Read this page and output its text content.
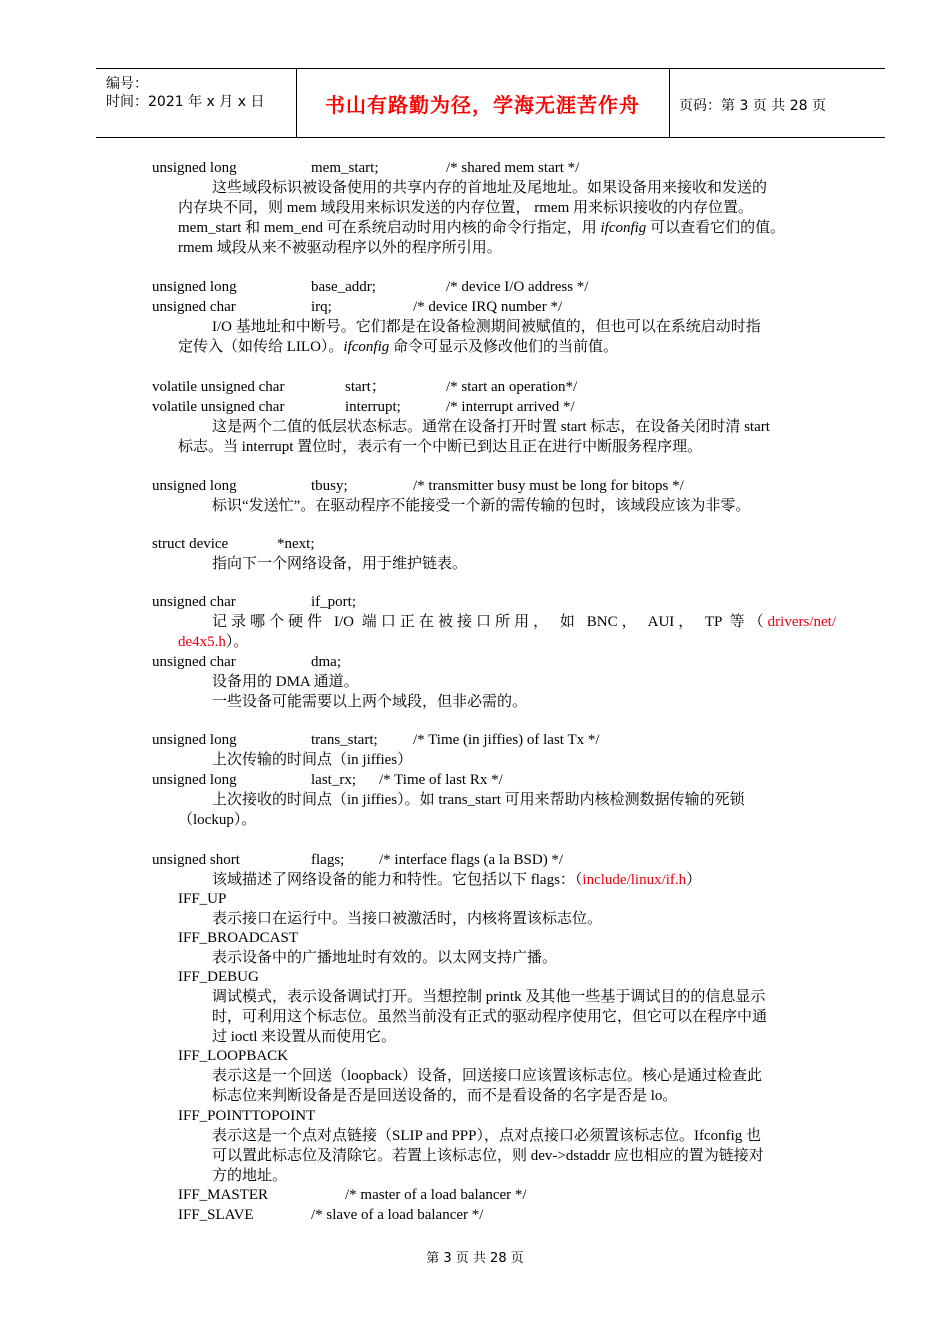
编号：
时间：2021 年 x 月 x 日	书山有路勤为径，学海无涯苦作舟	页码：第 3 页 共 28 页
unsigned long	mem_start;	/* shared mem start */
这些域段标识被设备使用的共享内存的首地址及尾地址。如果设备用来接收和发送的
内存块不同，则 mem 域段用来标识发送的内存位置， rmem 用来标识接收的内存位置。
mem_start 和 mem_end 可在系统启动时用内核的命令行指定，用 ifconfig 可以查看它们的值。
rmem 域段从来不被驱动程序以外的程序所引用。
unsigned long	base_addr;	/* device I/O address */
unsigned char	irq;	/* device IRQ number */
I/O 基地址和中断号。它们都是在设备检测期间被赋值的，但也可以在系统启动时指
定传入（如传给 LILO）。ifconfig 命令可显示及修改他们的当前值。
volatile unsigned char	start；	/* start an operation*/
volatile unsigned char	interrupt;	/* interrupt arrived */
这是两个二值的低层状态标志。通常在设备打开时置 start 标志，在设备关闭时清 start
标志。当 interrupt 置位时，表示有一个中断已到达且正在进行中断服务程序理。
unsigned long	tbusy;	/* transmitter busy must be long for bitops */
标识“发送忙”。在驱动程序不能接受一个新的需传输的包时，该域段应该为非零。
struct device	*next;
指向下一个网络设备，用于维护链表。
unsigned char	if_port;
记录哪个硬件 I/O 端口正在被接口所用， 如 BNC， AUI， TP 等（drivers/net/
de4x5.h）。
unsigned char	dma;
设备用的 DMA 通道。
一些设备可能需要以上两个域段，但非必需的。
unsigned long	trans_start; /* Time (in jiffies) of last Tx */
上次传输的时间点（in jiffies）
unsigned long	last_rx; /* Time of last Rx */
上次接收的时间点（in jiffies）。如 trans_start 可用来帮助内核检测数据传输的死锁
（lockup）。
unsigned short	flags; /* interface flags (a la BSD) */
该域描述了网络设备的能力和特性。它包括以下 flags：（include/linux/if.h）
IFF_UP
表示接口在运行中。当接口被激活时，内核将置该标志位。
IFF_BROADCAST
表示设备中的广播地址时有效的。以太网支持广播。
IFF_DEBUG
调试模式，表示设备调试打开。当想控制 printk 及其他一些基于调试目的的信息显示
时，可利用这个标志位。虽然当前没有正式的驱动程序使用它，但它可以在程序中通
过 ioctl 来设置从而使用它。
IFF_LOOPBACK
表示这是一个回送（loopback）设备，回送接口应该置该标志位。核心是通过检查此
标志位来判断设备是否是回送设备的，而不是看设备的名字是否是 lo。
IFF_POINTTOPOINT
表示这是一个点对点链接（SLIP and PPP），点对点接口必须置该标志位。Ifconfig 也
可以置此标志位及清除它。若置上该标志位，则 dev->dstaddr 应也相应的置为链接对
方的地址。
IFF_MASTER	/* master of a load balancer */
IFF_SLAVE	/* slave of a load balancer */
第 3 页 共 28 页
